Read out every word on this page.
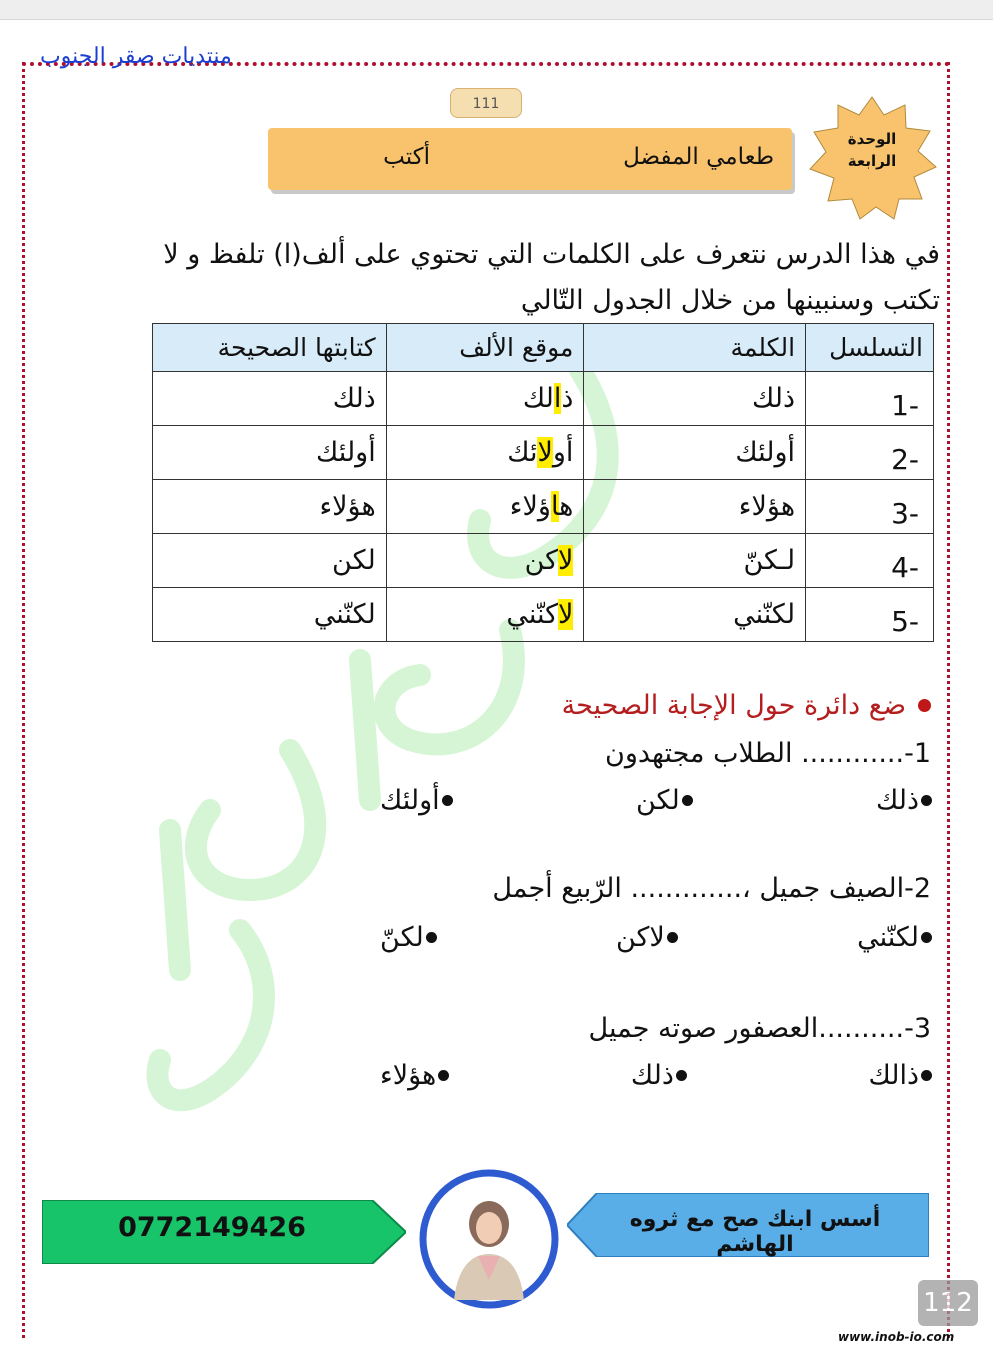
منتديات صقر الجنوب
111
طعامي المفضل
أكتب
الوحدة
الرابعة
في هذا الدرس نتعرف على الكلمات التي تحتوي على ألف(ا) تلفظ و لا
تكتب وسنبينها من خلال الجدول التّالي
التسلسل	الكلمة	موقع الألف	كتابتها الصحيحة
1-	ذلك	ذالك	ذلك
2-	أولئك	أولائك	أولئك
3-	هؤلاء	هاؤلاء	هؤلاء
4-	لـكنّ	لاكن	لكن
5-	لكنّني	لاكنّني	لكنّني
ضع دائرة حول الإجابة الصحيحة
1-............ الطلاب مجتهدون
ذلك
لكن
أولئك
2-الصيف جميل ،............. الرّبيع أجمل
لكنّني
لاكن
لكنّ
3-..........العصفور صوته جميل
ذالك
ذلك
هؤلاء
0772149426	أسس ابنك صح مع ثروه الهاشم
112
www.inob-io.com
